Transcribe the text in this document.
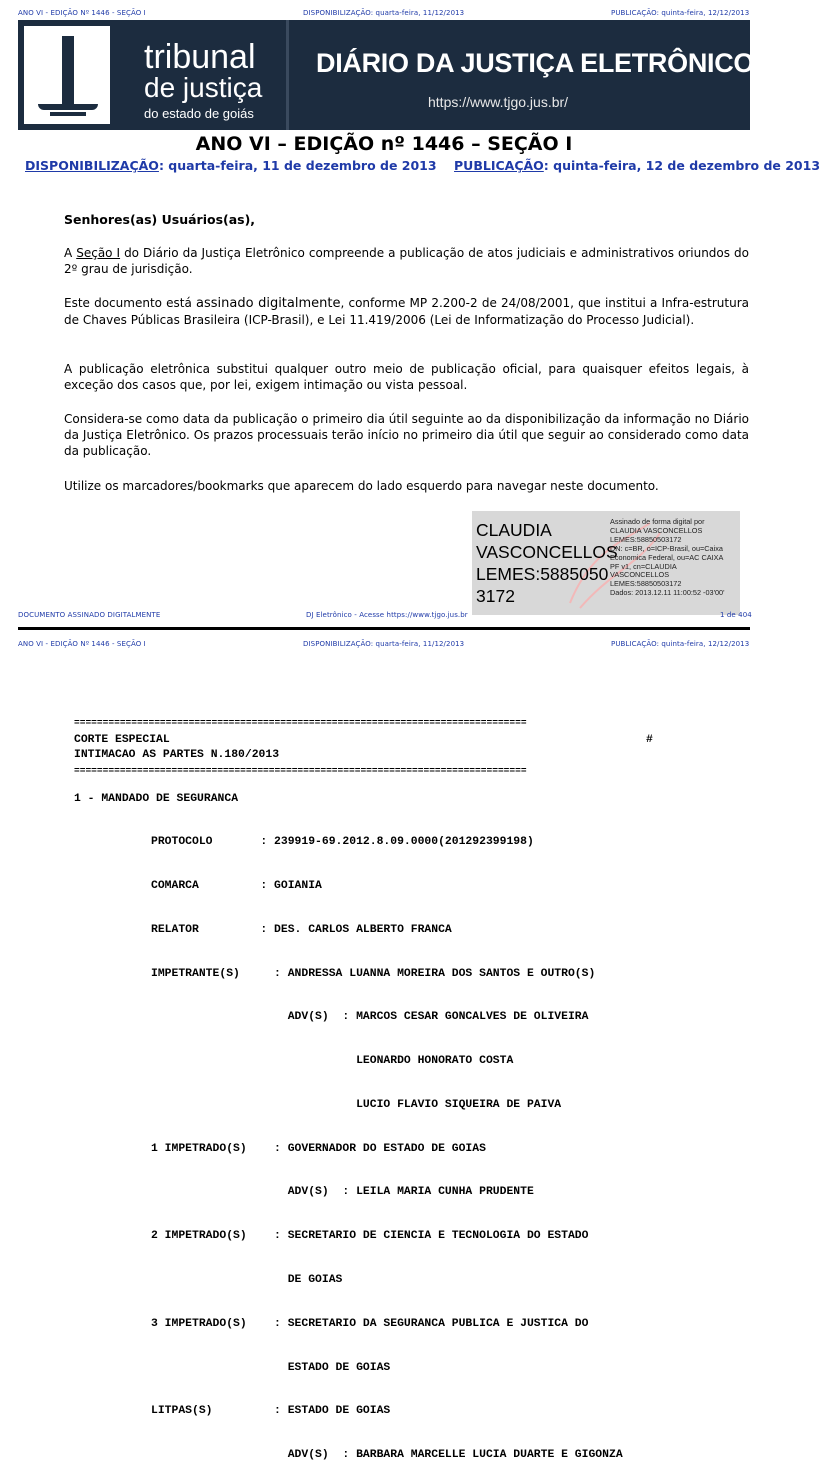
ANO VI - EDIÇÃO Nº 1446 - SEÇÃO I	DISPONIBILIZAÇÃO: quarta-feira, 11/12/2013	PUBLICAÇÃO: quinta-feira, 12/12/2013
tribunal
de justiça
do estado de goiás
DIÁRIO DA JUSTIÇA ELETRÔNICO
https://www.tjgo.jus.br/
ANO VI – EDIÇÃO nº 1446 – SEÇÃO I
DISPONIBILIZAÇÃO: quarta-feira, 11 de dezembro de 2013 PUBLICAÇÃO: quinta-feira, 12 de dezembro de 2013
Senhores(as) Usuários(as),
A Seção I do Diário da Justiça Eletrônico compreende a publicação de atos judiciais e administrativos oriundos do 2º grau de jurisdição.
Este documento está assinado digitalmente, conforme MP 2.200-2 de 24/08/2001, que institui a Infra-estrutura de Chaves Públicas Brasileira (ICP-Brasil), e Lei 11.419/2006 (Lei de Informatização do Processo Judicial).
A publicação eletrônica substitui qualquer outro meio de publicação oficial, para quaisquer efeitos legais, à exceção dos casos que, por lei, exigem intimação ou vista pessoal.
Considera-se como data da publicação o primeiro dia útil seguinte ao da disponibilização da informação no Diário da Justiça Eletrônico. Os prazos processuais terão início no primeiro dia útil que seguir ao considerado como data da publicação.
Utilize os marcadores/bookmarks que aparecem do lado esquerdo para navegar neste documento.
CLAUDIA
VASCONCELLOS
LEMES:5885050
3172
Assinado de forma digital por
CLAUDIA VASCONCELLOS
LEMES:58850503172
DN: c=BR, o=ICP-Brasil, ou=Caixa
Economica Federal, ou=AC CAIXA
PF v1, cn=CLAUDIA
VASCONCELLOS
LEMES:58850503172
Dados: 2013.12.11 11:00:52 -03'00'
DOCUMENTO ASSINADO DIGITALMENTE	DJ Eletrônico - Acesse https://www.tjgo.jus.br	1 de 404
ANO VI - EDIÇÃO Nº 1446 - SEÇÃO I	DISPONIBILIZAÇÃO: quarta-feira, 11/12/2013	PUBLICAÇÃO: quinta-feira, 12/12/2013
===============================================================================
CORTE ESPECIAL	#
INTIMACAO AS PARTES N.180/2013
===============================================================================
1 - MANDADO DE SEGURANCA

PROTOCOLO       : 239919-69.2012.8.09.0000(201292399198)

COMARCA         : GOIANIA

RELATOR         : DES. CARLOS ALBERTO FRANCA

IMPETRANTE(S)     : ANDRESSA LUANNA MOREIRA DOS SANTOS E OUTRO(S)

ADV(S)  : MARCOS CESAR GONCALVES DE OLIVEIRA

LEONARDO HONORATO COSTA

LUCIO FLAVIO SIQUEIRA DE PAIVA

1 IMPETRADO(S)    : GOVERNADOR DO ESTADO DE GOIAS

ADV(S)  : LEILA MARIA CUNHA PRUDENTE

2 IMPETRADO(S)    : SECRETARIO DE CIENCIA E TECNOLOGIA DO ESTADO

DE GOIAS

3 IMPETRADO(S)    : SECRETARIO DA SEGURANCA PUBLICA E JUSTICA DO

ESTADO DE GOIAS

LITPAS(S)         : ESTADO DE GOIAS

ADV(S)  : BARBARA MARCELLE LUCIA DUARTE E GIGONZA
